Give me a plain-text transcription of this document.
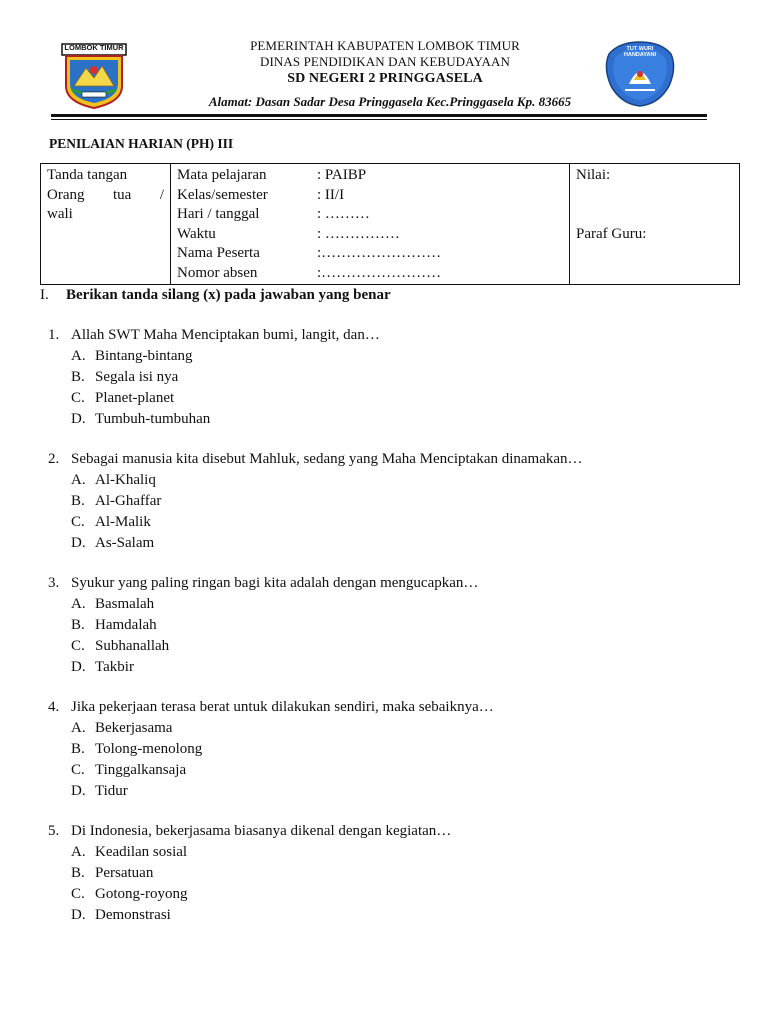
LOMBOK TIMUR	TUT WURI HANDAYANI
PEMERINTAH KABUPATEN LOMBOK TIMUR
DINAS PENDIDIKAN DAN KEBUDAYAAN
SD NEGERI 2 PRINGGASELA
Alamat: Dasan Sadar Desa Pringgasela Kec.Pringgasela Kp. 83665
PENILAIAN HARIAN (PH) III
Tanda tangan
Orang tua /
wali
Mata pelajaran	: PAIBP
Kelas/semester	: II/I
Hari / tanggal	: ………
Waktu	: ……………
Nama Peserta	:……………………
Nomor absen	:……………………
Nilai:
Paraf Guru:
I.	Berikan tanda silang (x) pada jawaban yang benar
1. Allah SWT Maha Menciptakan bumi, langit, dan…
A. Bintang-bintang
B. Segala isi nya
C. Planet-planet
D. Tumbuh-tumbuhan
2. Sebagai manusia kita disebut Mahluk, sedang yang Maha Menciptakan dinamakan…
A. Al-Khaliq
B. Al-Ghaffar
C. Al-Malik
D. As-Salam
3. Syukur yang paling ringan bagi kita adalah dengan mengucapkan…
A. Basmalah
B. Hamdalah
C. Subhanallah
D. Takbir
4. Jika pekerjaan terasa berat untuk dilakukan sendiri, maka sebaiknya…
A. Bekerjasama
B. Tolong-menolong
C. Tinggalkansaja
D. Tidur
5. Di Indonesia, bekerjasama biasanya dikenal dengan kegiatan…
A. Keadilan sosial
B. Persatuan
C. Gotong-royong
D. Demonstrasi
